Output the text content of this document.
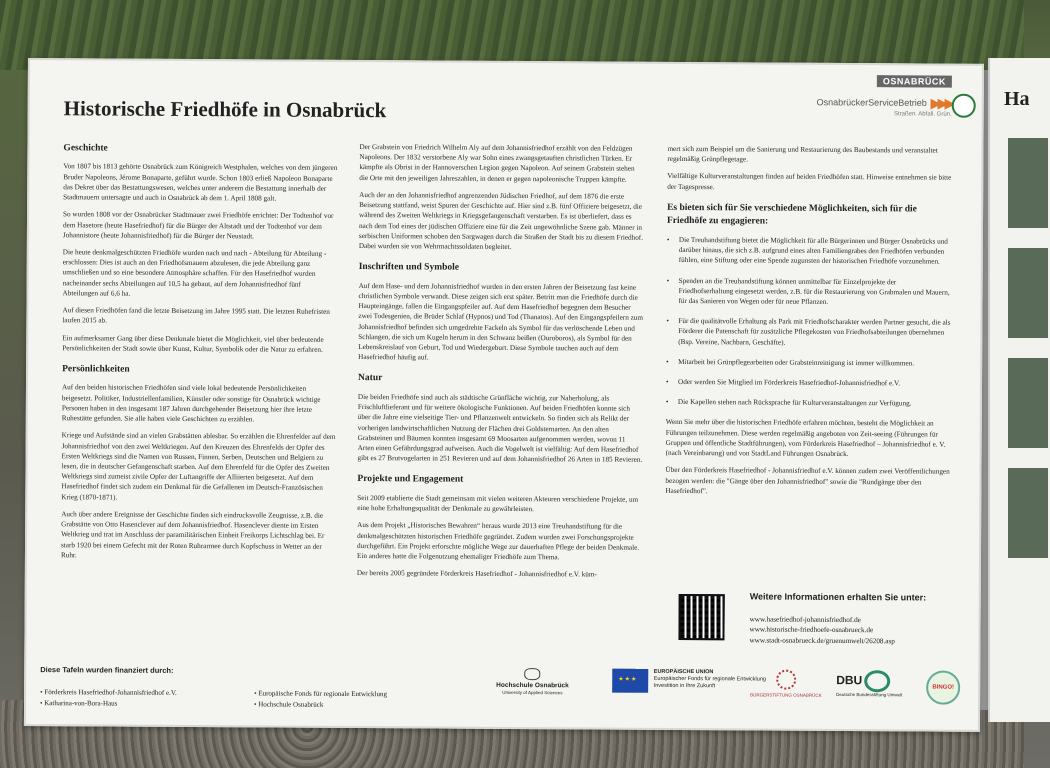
Ha
OSNABRÜCK
OsnabrückerServiceBetrieb ▶▶▶
Straßen. Abfall. Grün.
Historische Friedhöfe in Osnabrück
Geschichte

Von 1807 bis 1813 gehörte Osnabrück zum Königreich Westphalen, welches von dem jüngeren Bruder Napoleons, Jérome Bonaparte, geführt wurde. Schon 1803 erließ Napoleon Bonaparte das Dekret über das Bestattungswesen, welches unter anderem die Bestattung innerhalb der Stadtmauern untersagte und auch in Osnabrück ab dem 1. April 1808 galt.

So wurden 1808 vor der Osnabrücker Stadtmauer zwei Friedhöfe errichtet: Der Todtenhof vor dem Hasetore (heute Hasefriedhof) für die Bürger der Altstadt und der Todtenhof vor dem Johannistore (heute Johannisfriedhof) für die Bürger der Neustadt.

Die heute denkmalgeschützten Friedhöfe wurden nach und nach - Abteilung für Abteilung - erschlossen: Dies ist auch an den Friedhofsmauern abzulesen, die jede Abteilung ganz umschließen und so eine besondere Atmosphäre schaffen. Für den Hasefriedhof wurden nacheinander sechs Abteilungen auf 10,5 ha gebaut, auf dem Johannisfriedhof fünf Abteilungen auf 6,6 ha.

Auf diesen Friedhöfen fand die letzte Beisetzung im Jahre 1995 statt. Die letzten Ruhefristen laufen 2015 ab.

Ein aufmerksamer Gang über diese Denkmale bietet die Möglichkeit, viel über bedeutende Persönlichkeiten der Stadt sowie über Kunst, Kultur, Symbolik oder die Natur zu erfahren.

Persönlichkeiten

Auf den beiden historischen Friedhöfen sind viele lokal bedeutende Persönlichkeiten beigesetzt. Politiker, Industriellenfamilien, Künstler oder sonstige für Osnabrück wichtige Personen haben in den insgesamt 187 Jahren durchgehender Beisetzung hier ihre letzte Ruhestätte gefunden. Sie alle haben viele Geschichten zu erzählen.

Kriege und Aufstände sind an vielen Grabstätten ablesbar. So erzählen die Ehrenfelder auf dem Johannisfriedhof von den zwei Weltkriegen. Auf den Kreuzen des Ehrenfelds der Opfer des Ersten Weltkriegs sind die Namen von Russen, Finnen, Serben, Deutschen und Belgiern zu lesen, die in deutscher Gefangenschaft starben. Auf dem Ehrenfeld für die Opfer des Zweiten Weltkriegs sind zumeist zivile Opfer der Luftangriffe der Alliierten beigesetzt. Auf dem Hasefriedhof findet sich zudem ein Denkmal für die Gefallenen im Deutsch-Französischen Krieg (1870-1871).

Auch über andere Ereignisse der Geschichte finden sich eindrucksvolle Zeugnisse, z.B. die Grabstätte von Otto Hasenclever auf dem Johannisfriedhof. Hasenclever diente im Ersten Weltkrieg und trat im Anschluss der paramilitärischen Einheit Freikorps Lichtschlag bei. Er starb 1920 bei einem Gefecht mit der Roten Ruhrarmee durch Kopfschuss in Wetter an der Ruhr.

Der Grabstein von Friedrich Wilhelm Aly auf dem Johannisfriedhof erzählt von den Feldzügen Napoleons. Der 1832 verstorbene Aly war Sohn eines zwangsgetauften christlichen Türken. Er kämpfte als Obrist in der Hannoverschen Legion gegen Napoleon. Auf seinem Grabstein stehen die Orte mit den jeweiligen Jahreszahlen, in denen er gegen napoleonische Truppen kämpfte.

Auch der an den Johannisfriedhof angrenzenden Jüdischen Friedhof, auf dem 1876 die erste Beisetzung stattfand, weist Spuren der Geschichte auf. Hier sind z.B. fünf Offiziere beigesetzt, die während des Zweiten Weltkriegs in Kriegsgefangenschaft verstarben. Es ist überliefert, dass es nach dem Tod eines der jüdischen Offiziere eine für die Zeit ungewöhnliche Szene gab. Männer in serbischen Uniformen schoben den Sargwagen durch die Straßen der Stadt bis zu diesem Friedhof. Dabei wurden sie von Wehrmachtssoldaten begleitet.

Inschriften und Symbole

Auf dem Hase- und dem Johannisfriedhof wurden in den ersten Jahren der Beisetzung fast keine christlichen Symbole verwandt. Diese zeigen sich erst später. Betritt man die Friedhöfe durch die Haupteingänge, fallen die Eingangspfeiler auf. Auf dem Hasefriedhof begegnen dem Besucher zwei Todesgenien, die Brüder Schlaf (Hypnos) und Tod (Thanatos). Auf den Eingangspfeilern zum Johannisfriedhof befinden sich umgedrehte Fackeln als Symbol für das verlöschende Leben und Schlangen, die sich um Kugeln herum in den Schwanz beißen (Ouroboros), als Symbol für den Lebenskreislauf von Geburt, Tod und Wiedergeburt. Diese Symbole tauchen auch auf dem Hasefriedhof häufig auf.

Natur

Die beiden Friedhöfe sind auch als städtische Grünfläche wichtig, zur Naherholung, als Frischluftlieferant und für weitere ökologische Funktionen. Auf beiden Friedhöfen konnte sich über die Jahre eine vielseitige Tier- und Pflanzenwelt entwickeln. So finden sich als Relikt der vorherigen landwirtschaftlichen Nutzung der Flächen drei Goldsternarten. An den alten Grabsteinen und Bäumen konnten insgesamt 69 Moosarten aufgenommen werden, wovon 11 Arten einen Gefährdungsgrad aufweisen. Auch die Vogelwelt ist vielfältig: Auf dem Hasefriedhof gibt es 27 Brutvogelarten in 251 Revieren und auf dem Johannisfriedhof 26 Arten in 185 Revieren.

Projekte und Engagement

Seit 2009 etablierte die Stadt gemeinsam mit vielen weiteren Akteuren verschiedene Projekte, um eine hohe Erhaltungsqualität der Denkmale zu gewährleisten.

Aus dem Projekt „Historisches Bewahren“ heraus wurde 2013 eine Treuhandstiftung für die denkmalgeschützten historischen Friedhöfe gegründet. Zudem wurden zwei Forschungsprojekte durchgeführt. Ein Projekt erforschte mögliche Wege zur dauerhaften Pflege der beiden Denkmale. Ein anderes hatte die Folgenutzung ehemaliger Friedhöfe zum Thema.

Der bereits 2005 gegründete Förderkreis Hasefriedhof - Johannisfriedhof e.V. küm-

mert sich zum Beispiel um die Sanierung und Restaurierung des Baubestands und veranstaltet regelmäßig Grünpflegetage.

Vielfältige Kulturveranstaltungen finden auf beiden Friedhöfen statt. Hinweise entnehmen sie bitte der Tagespresse.

Es bieten sich für Sie verschiedene Möglichkeiten, sich für die Friedhöfe zu engagieren:
• Die Treuhandstiftung bietet die Möglichkeit für alle Bürgerinnen und Bürger Osnabrücks und darüber hinaus, die sich z.B. aufgrund eines alten Familiengrabes den Friedhöfen verbunden fühlen, eine Stiftung oder eine Spende zugunsten der historischen Friedhöfe vorzunehmen.
• Spenden an die Treuhandstiftung können unmittelbar für Einzelprojekte der Friedhofserhaltung eingesetzt werden, z.B. für die Restaurierung von Grabmalen und Mauern, für das Sanieren von Wegen oder für neue Pflanzen.
• Für die qualitätvolle Erhaltung als Park mit Friedhofscharakter werden Partner gesucht, die als Förderer die Patenschaft für zusätzliche Pflegekosten von Friedhofsabteilungen übernehmen (Bsp. Vereine, Nachbarn, Geschäfte).
• Mitarbeit bei Grünpflegearbeiten oder Grabsteinreinigung ist immer willkommen.
• Oder werden Sie Mitglied im Förderkreis Hasefriedhof-Johannisfriedhof e.V.
• Die Kapellen stehen nach Rücksprache für Kulturveranstaltungen zur Verfügung.

Wenn Sie mehr über die historischen Friedhöfe erfahren möchten, besteht die Möglichkeit an Führungen teilzunehmen. Diese werden regelmäßig angeboten von Zeit-seeing (Führungen für Gruppen und öffentliche Stadtführungen), vom Förderkreis Hasefriedhof – Johannisfriedhof e. V. (nach Vereinbarung) und von StadtLand Führungen Osnabrück.

Über den Förderkreis Hasefriedhof - Johannisfriedhof e.V. können zudem zwei Veröffentlichungen bezogen werden: die "Gänge über den Johannisfriedhof" sowie die "Rundgänge über den Hasefriedhof".

Weitere Informationen erhalten Sie unter:
www.hasefriedhof-johannisfriedhof.de
www.historische-friedhoefe-osnabrueck.de
www.stadt-osnabrueck.de/gruenumwelt/26208.asp
Diese Tafeln wurden finanziert durch:
• Förderkreis Hasefriedhof-Johannisfriedhof e.V.
• Katharina-von-Bora-Haus
• Europäische Fonds für regionale Entwicklung
• Hochschule Osnabrück
Hochschule Osnabrück
University of Applied Sciences
★★★ EUROPÄISCHE UNION
Europäischer Fonds für regionale Entwicklung
Investition in Ihre Zukunft
BÜRGERSTIFTUNG OSNABRÜCK
DBU
Deutsche Bundesstiftung Umwelt
BINGO!
